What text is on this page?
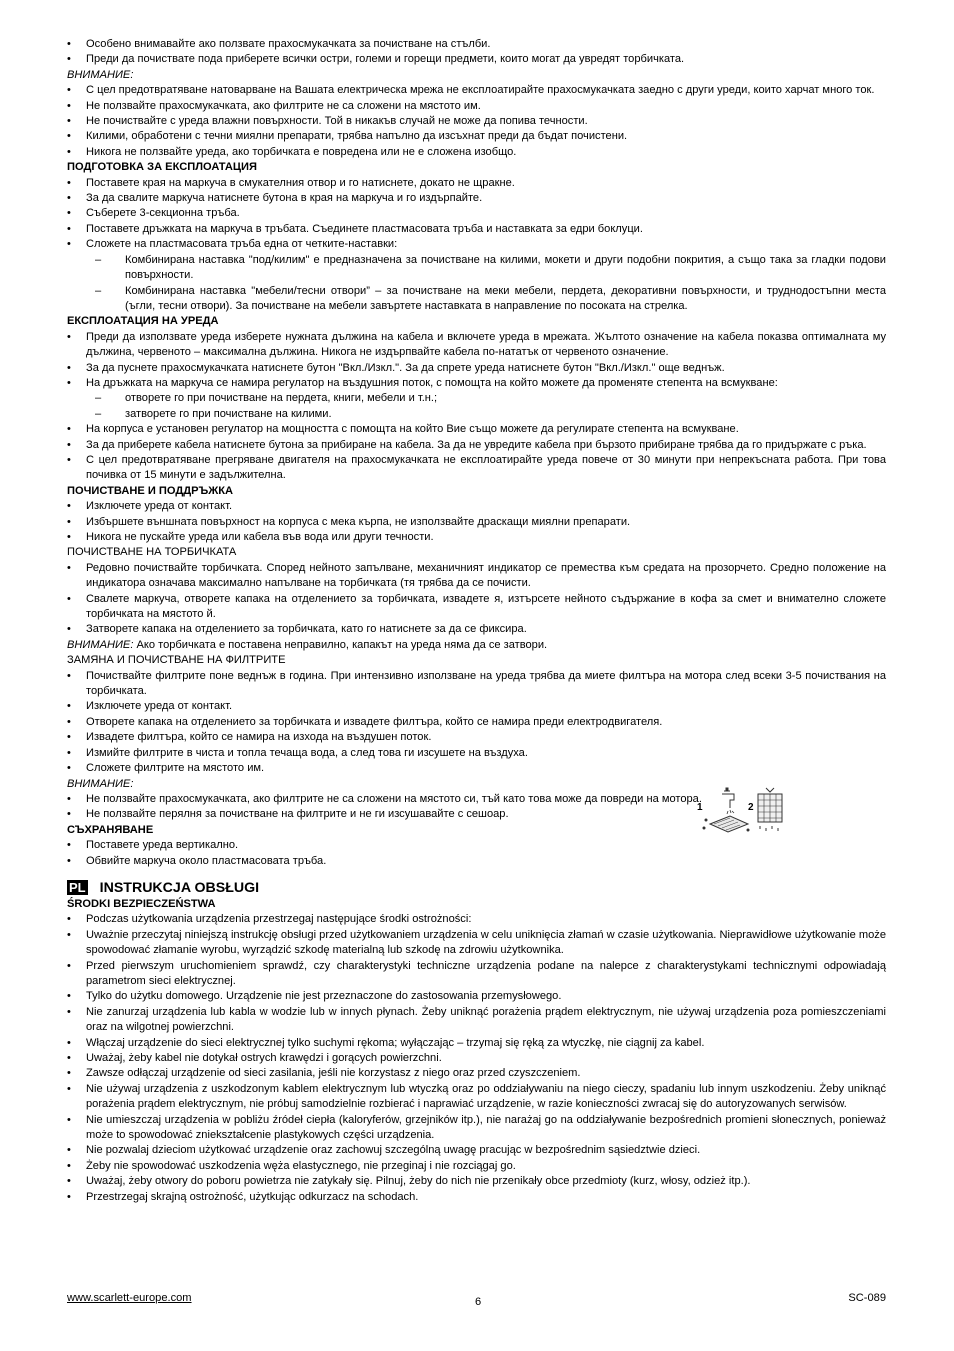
• Особено внимавайте ако ползвате прахосмукачката за почистване на стълби.
• Преди да почиствате пода приберете всички остри, големи и горещи предмети, които могат да увредят торбичката.
ВНИМАНИЕ:
• С цел предотвратяване натоварване на Вашата електрическа мрежа не експлоатирайте прахосмукачката заедно с други уреди, които харчат много ток.
• Не ползвайте прахосмукачката, ако филтрите не са сложени на мястото им.
• Не почиствайте с уреда влажни повърхности. Той в никакъв случай не може да попива течности.
• Килими, обработени с течни миялни препарати, трябва напълно да изсъхнат преди да бъдат почистени.
• Никога не ползвайте уреда, ако торбичката е повредена или не е сложена изобщо.
ПОДГОТОВКА ЗА ЕКСПЛОАТАЦИЯ
• Поставете края на маркуча в смукателния отвор и го натиснете, докато не щракне.
• За да свалите маркуча натиснете бутона в края на маркуча и го издърпайте.
• Съберете 3-секционна тръба.
• Поставете дръжката на маркуча в тръбата. Съединете пластмасовата тръба и наставката за едри боклуци.
• Сложете на пластмасовата тръба една от четките-наставки:
– Комбинирана наставка "под/килим" е предназначена за почистване на килими, мокети и други подобни покрития, а също така за гладки подови повърхности.
– Комбинирана наставка "мебели/тесни отвори” – за почистване на меки мебели, пердета, декоративни повърхности, и труднодостъпни места (ъгли, тесни отвори). За почистване на мебели завъртете наставката в направление по посоката на стрелка.
ЕКСПЛОАТАЦИЯ НА УРЕДА
• Преди да използвате уреда изберете нужната дължина на кабела и включете уреда в мрежата. Жълтото означение на кабела показва оптималната му дължина, червеното – максимална дължина. Никога не издърпвайте кабела по-нататък от червеното означение.
• За да пуснете прахосмукачката натиснете бутон "Вкл./Изкл.". За да спрете уреда натиснете бутон "Вкл./Изкл." още веднъж.
• На дръжката на маркуча се намира регулатор на въздушния поток, с помощта на който можете да променяте степента на всмукване:
– отворете го при почистване на пердета, книги, мебели и т.н.;
– затворете го при почистване на килими.
• На корпуса е установен регулатор на мощността с помощта на който Вие също можете да регулирате степента на всмукване.
• За да приберете кабела натиснете бутона за прибиране на кабела. За да не увредите кабела при бързото прибиране трябва да го придържате с ръка.
• С цел предотвратяване прегряване двигателя на прахосмукачката не експлоатирайте уреда повече от 30 минути при непрекъсната работа. При това почивка от 15 минути е задължителна.
ПОЧИСТВАНЕ И ПОДДРЪЖКА
• Изключете уреда от контакт.
• Избършете външната повърхност на корпуса с мека кърпа, не използвайте драскащи миялни препарати.
• Никога не пускайте уреда или кабела във вода или други течности.
ПОЧИСТВАНЕ НА ТОРБИЧКАТА
• Редовно почиствайте торбичката. Според нейното запълване, механичният индикатор се премества към средата на прозорчето. Средно положение на индикатора означава максимално напълване на торбичката (тя трябва да се почисти.
• Свалете маркуча, отворете капака на отделението за торбичката, извадете я, изтърсете нейното съдържание в кофа за смет и внимателно сложете торбичката на мястото й.
• Затворете капака на отделението за торбичката, като го натиснете за да се фиксира.
ВНИМАНИЕ: Ако торбичката е поставена неправилно, капакът на уреда няма да се затвори.
ЗАМЯНА И ПОЧИСТВАНЕ НА ФИЛТРИТЕ
• Почиствайте филтрите поне веднъж в година. При интензивно използване на уреда трябва да миете филтъра на мотора след всеки 3-5 почиствания на торбичката.
• Изключете уреда от контакт.
• Отворете капака на отделението за торбичката и извадете филтъра, който се намира преди електродвигателя.
• Извадете филтъра, който се намира на изхода на въздушен поток.
• Измийте филтрите в чиста и топла течаща вода, а след това ги изсушете на въздуха.
• Сложете филтрите на мястото им.
ВНИМАНИЕ:
• Не ползвайте прахосмукачката, ако филтрите не са сложени на мястото си, тъй като това може да повреди на мотора.
• Не ползвайте перялня за почистване на филтрите и не ги изсушавайте с сешоар.
СЪХРАНЯВАНЕ
• Поставете уреда вертикално.
• Обвийте маркуча около пластмасовата тръба.
PL INSTRUKCJA OBSŁUGI
ŚRODKI BEZPIECZEŃSTWA
• Podczas użytkowania urządzenia przestrzegaj następujące środki ostrożności:
• Uważnie przeczytaj niniejszą instrukcję obsługi przed użytkowaniem urządzenia w celu uniknięcia złamań w czasie użytkowania. Nieprawidłowe użytkowanie może spowodować złamanie wyrobu, wyrządzić szkodę materialną lub szkodę na zdrowiu użytkownika.
• Przed pierwszym uruchomieniem sprawdź, czy charakterystyki techniczne urządzenia podane na nalepce z charakterystykami technicznymi odpowiadają parametrom sieci elektrycznej.
• Tylko do użytku domowego. Urządzenie nie jest przeznaczone do zastosowania przemysłowego.
• Nie zanurzaj urządzenia lub kabla w wodzie lub w innych płynach. Żeby uniknąć porażenia prądem elektrycznym, nie używaj urządzenia poza pomieszczeniami oraz na wilgotnej powierzchni.
• Włączaj urządzenie do sieci elektrycznej tylko suchymi rękoma; wyłączając – trzymaj się ręką za wtyczkę, nie ciągnij za kabel.
• Uważaj, żeby kabel nie dotykał ostrych krawędzi i gorących powierzchni.
• Zawsze odłączaj urządzenie od sieci zasilania, jeśli nie korzystasz z niego oraz przed czyszczeniem.
• Nie używaj urządzenia z uszkodzonym kablem elektrycznym lub wtyczką oraz po oddziaływaniu na niego cieczy, spadaniu lub innym uszkodzeniu. Żeby uniknąć porażenia prądem elektrycznym, nie próbuj samodzielnie rozbierać i naprawiać urządzenie, w razie konieczności zwracaj się do autoryzowanych serwisów.
• Nie umieszczaj urządzenia w pobliżu źródeł ciepła (kaloryferów, grzejników itp.), nie narażaj go na oddziaływanie bezpośrednich promieni słonecznych, ponieważ może to spowodować zniekształcenie plastykowych części urządzenia.
• Nie pozwalaj dzieciom użytkować urządzenie oraz zachowuj szczególną uwagę pracując w bezpośrednim sąsiedztwie dzieci.
• Żeby nie spowodować uszkodzenia węża elastycznego, nie przeginaj i nie rozciągaj go.
• Uważaj, żeby otwory do poboru powietrza nie zatykały się. Pilnuj, żeby do nich nie przenikały obce przedmioty (kurz, włosy, odzież itp.).
• Przestrzegaj skrajną ostrożność, użytkując odkurzacz na schodach.
1	2
www.scarlett-europe.com	6	SC-089
